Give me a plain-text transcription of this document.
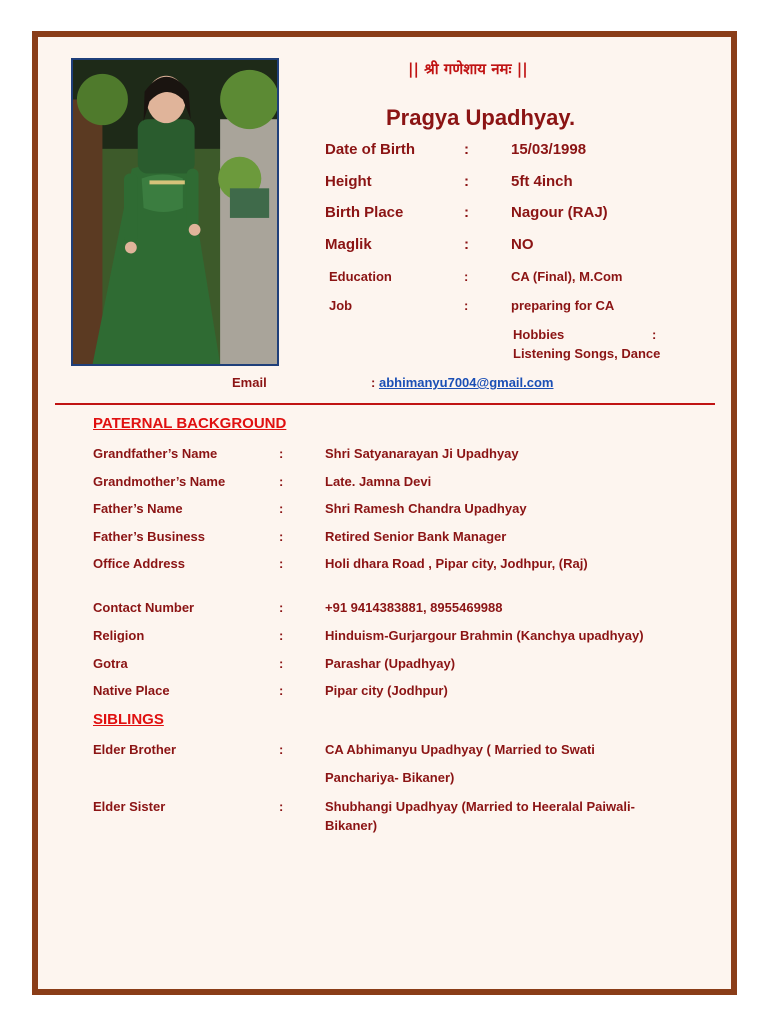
|| श्री गणेशाय नमः ||
Pragya Upadhyay.
Date of Birth	:	15/03/1998
Height	:	5ft 4inch
Birth Place	:	Nagour (RAJ)
Maglik	:	NO
Education	:	CA (Final), M.Com
Job	:	preparing for CA
Hobbies	:
Listening Songs, Dance
Email	: abhimanyu7004@gmail.com
PATERNAL BACKGROUND
Grandfather’s Name	:	Shri Satyanarayan Ji Upadhyay
Grandmother’s Name	:	Late. Jamna Devi
Father’s Name	:	Shri Ramesh Chandra Upadhyay
Father’s Business	:	Retired Senior Bank Manager
Office Address	:	Holi dhara Road , Pipar city, Jodhpur, (Raj)
Contact Number	:	+91 9414383881, 8955469988
Religion	:	Hinduism-Gurjargour Brahmin (Kanchya upadhyay)
Gotra	:	Parashar (Upadhyay)
Native Place	:	Pipar city (Jodhpur)
SIBLINGS
Elder Brother	:	CA Abhimanyu Upadhyay ( Married to Swati
Panchariya- Bikaner)
Elder Sister	:	Shubhangi Upadhyay (Married to Heeralal Paiwali-
Bikaner)
